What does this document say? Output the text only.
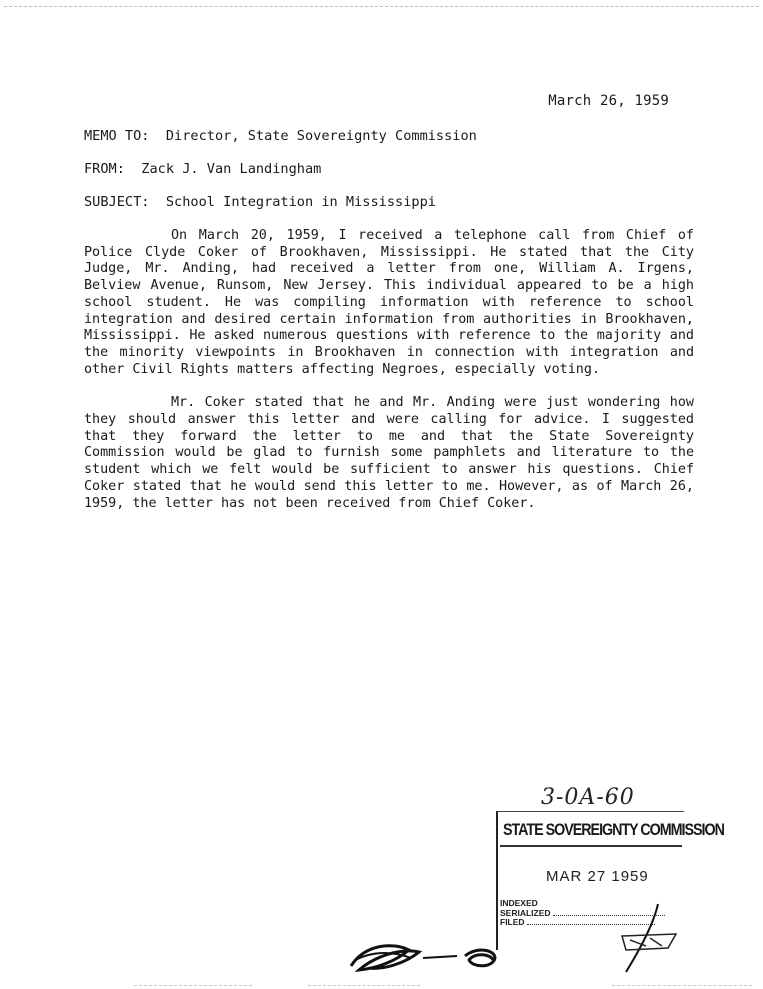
March 26, 1959
MEMO TO: Director, State Sovereignty Commission
FROM: Zack J. Van Landingham
SUBJECT: School Integration in Mississippi

On March 20, 1959, I received a telephone call from Chief of Police Clyde Coker of Brookhaven, Mississippi. He stated that the City Judge, Mr. Anding, had received a letter from one, William A. Irgens, Belview Avenue, Runsom, New Jersey. This individual appeared to be a high school student. He was compiling information with reference to school integration and desired certain information from authorities in Brookhaven, Mississippi. He asked numerous questions with reference to the majority and the minority viewpoints in Brookhaven in connection with integration and other Civil Rights matters affecting Negroes, especially voting.

Mr. Coker stated that he and Mr. Anding were just wondering how they should answer this letter and were calling for advice. I suggested that they forward the letter to me and that the State Sovereignty Commission would be glad to furnish some pamphlets and literature to the student which we felt would be sufficient to answer his questions. Chief Coker stated that he would send this letter to me. However, as of March 26, 1959, the letter has not been received from Chief Coker.

3-0A-60
STATE SOVEREIGNTY COMMISSION
MAR 27 1959
INDEXED
SERIALIZED
FILED
